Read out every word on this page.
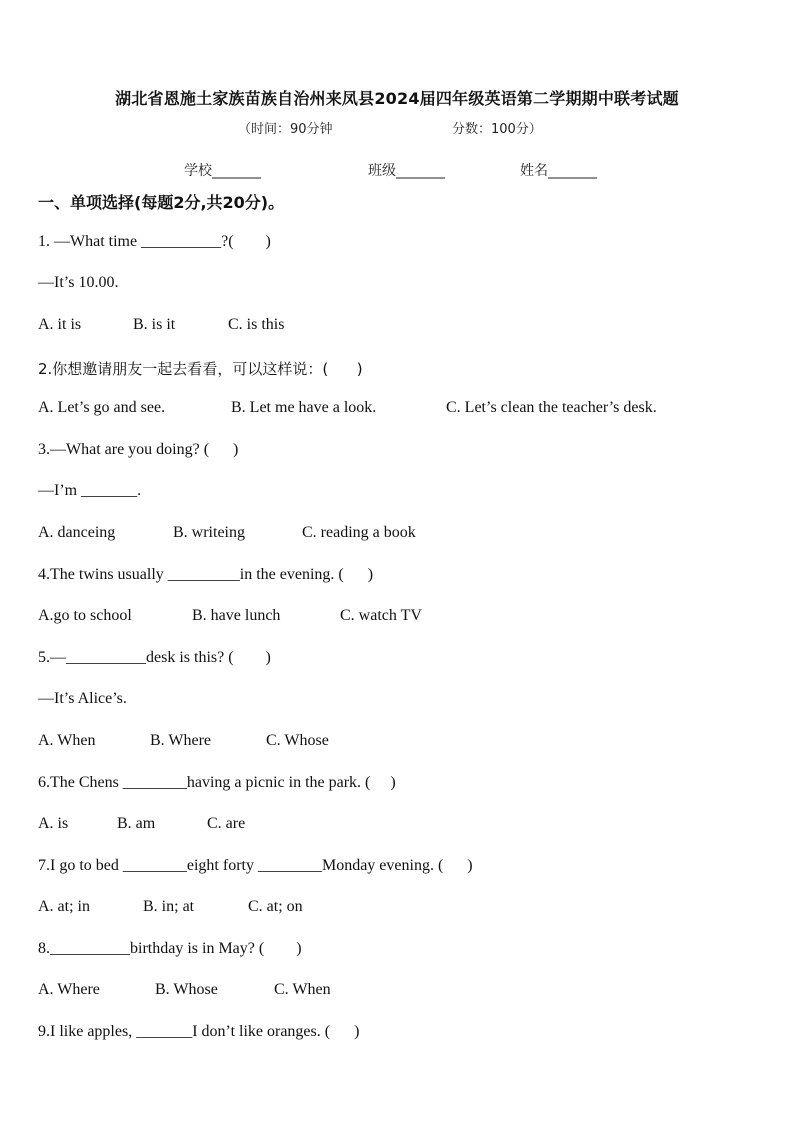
湖北省恩施土家族苗族自治州来凤县2024届四年级英语第二学期期中联考试题
（时间：90分钟	分数：100分）
学校_______	班级_______	姓名_______
一、单项选择(每题2分,共20分)。
1. —What time __________?(        )
—It’s 10.00.
A. it is	B. is it	C. is this
2.你想邀请朋友一起去看看，可以这样说：(      )
A. Let’s go and see.	B. Let me have a look.	C. Let’s clean the teacher’s desk.
3.—What are you doing? (      )
—I’m _______.
A. danceing	B. writeing	C. reading a book
4.The twins usually _________in the evening. (      )
A.go to school	B. have lunch	C. watch TV
5.—__________desk is this? (        )
—It’s Alice’s.
A. When	B. Where	C. Whose
6.The Chens ________having a picnic in the park. (     )
A. is	B. am	C. are
7.I go to bed ________eight forty ________Monday evening. (      )
A. at; in	B. in; at	C. at; on
8.__________birthday is in May? (        )
A. Where	B. Whose	C. When
9.I like apples, _______I don’t like oranges. (      )
